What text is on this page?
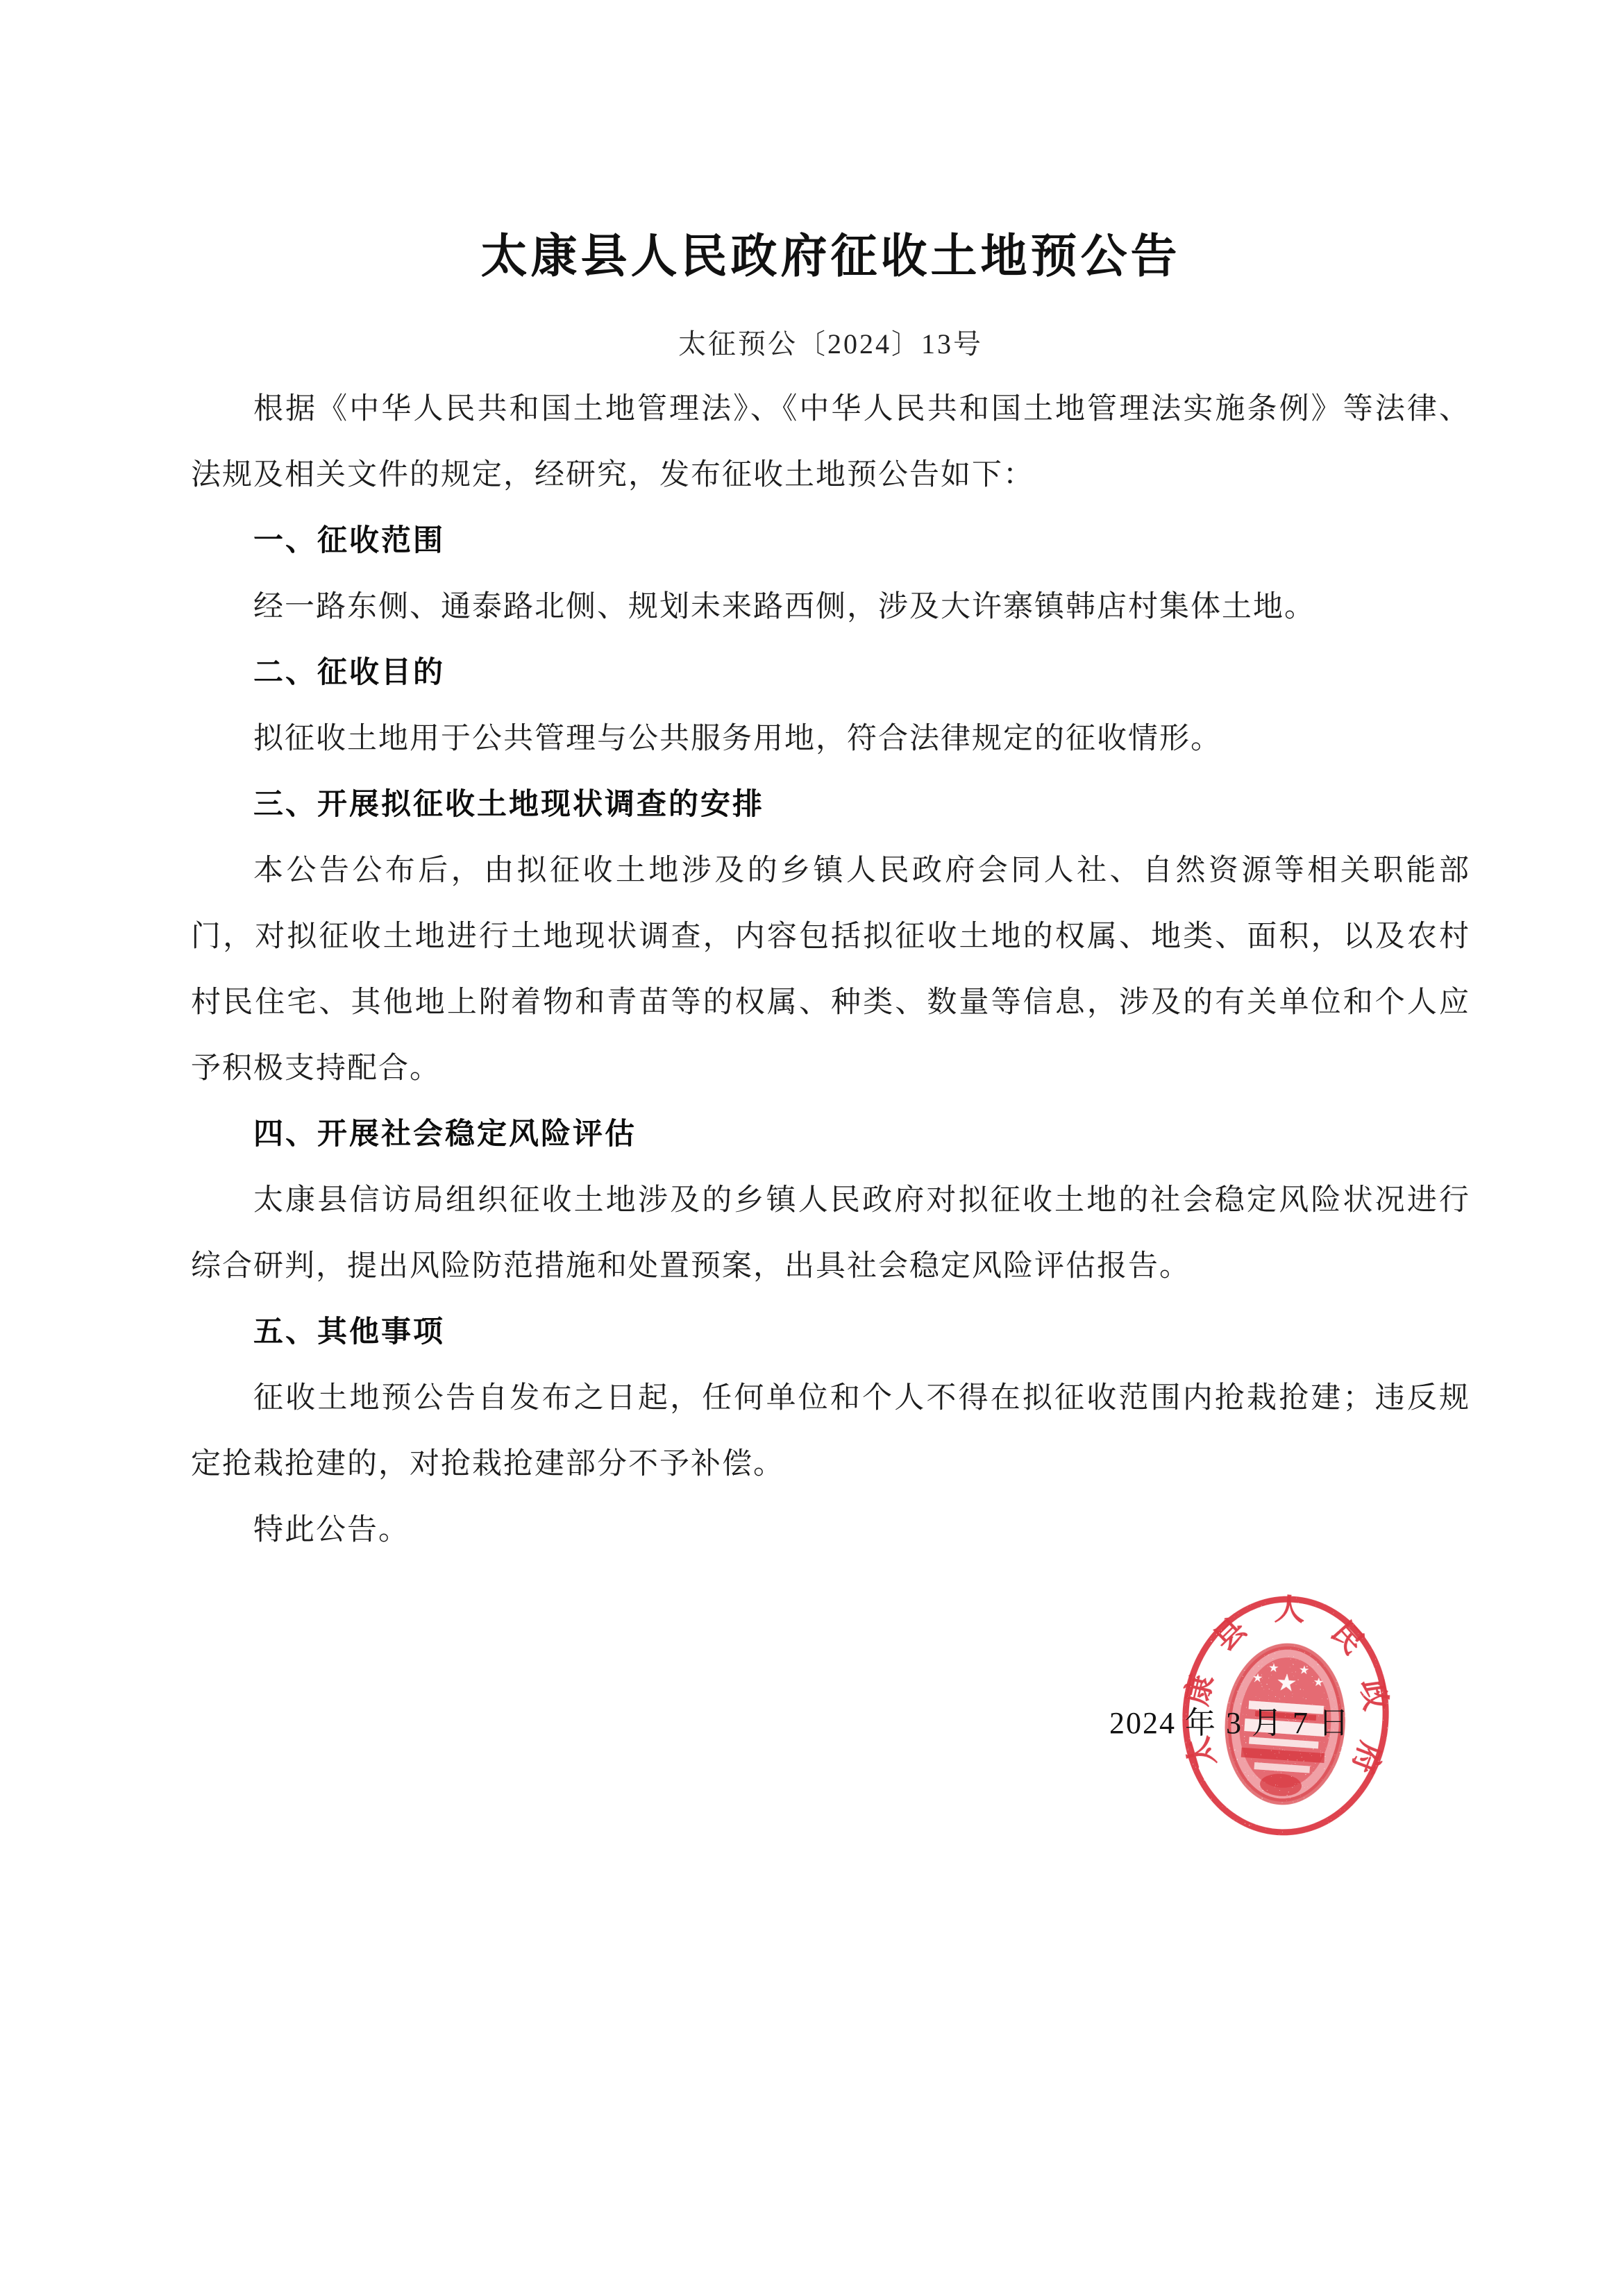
太康县人民政府征收土地预公告
太征预公〔2024〕13号

根据《中华人民共和国土地管理法》、《中华人民共和国土地管理法实施条例》等法律、法规及相关文件的规定，经研究，发布征收土地预公告如下：

一、征收范围

经一路东侧、通泰路北侧、规划未来路西侧，涉及大许寨镇韩店村集体土地。

二、征收目的

拟征收土地用于公共管理与公共服务用地，符合法律规定的征收情形。

三、开展拟征收土地现状调查的安排

本公告公布后，由拟征收土地涉及的乡镇人民政府会同人社、自然资源等相关职能部门，对拟征收土地进行土地现状调查，内容包括拟征收土地的权属、地类、面积，以及农村村民住宅、其他地上附着物和青苗等的权属、种类、数量等信息，涉及的有关单位和个人应予积极支持配合。

四、开展社会稳定风险评估

太康县信访局组织征收土地涉及的乡镇人民政府对拟征收土地的社会稳定风险状况进行综合研判，提出风险防范措施和处置预案，出具社会稳定风险评估报告。

五、其他事项

征收土地预公告自发布之日起，任何单位和个人不得在拟征收范围内抢栽抢建；违反规定抢栽抢建的，对抢栽抢建部分不予补偿。

特此公告。

2024 年 3 月 7 日
太康县人民政府
★
★
★ ★
★
